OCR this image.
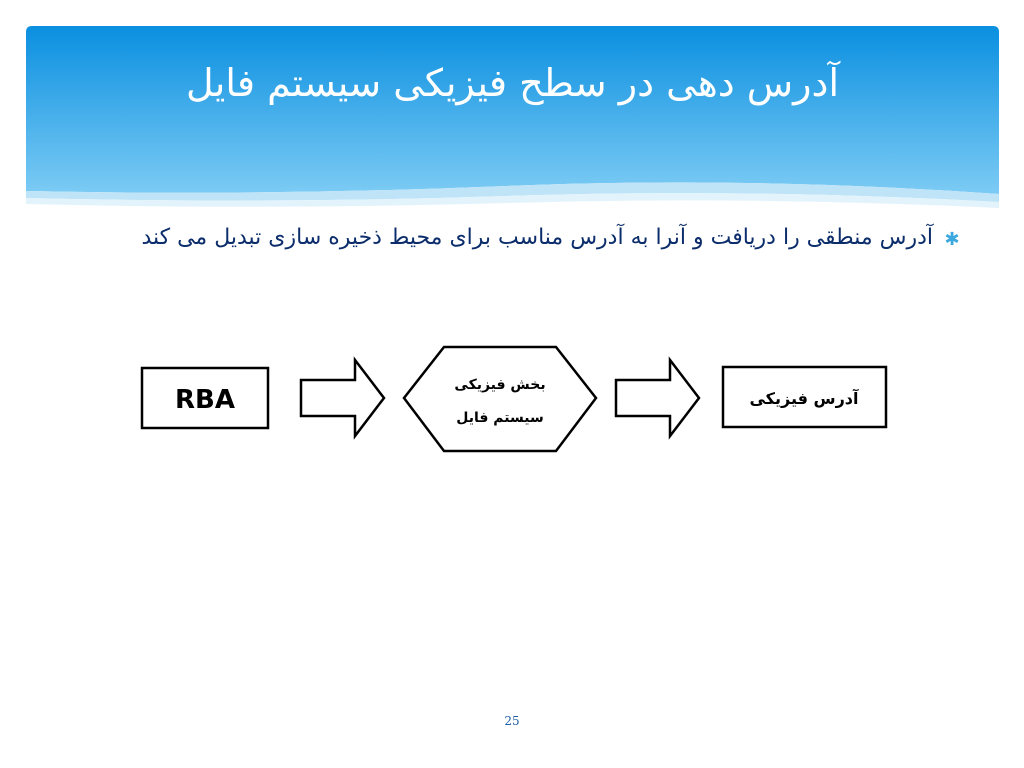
آدرس دهی در سطح فیزیکی سیستم فایل
✱
آدرس منطقی را دریافت و آنرا به آدرس مناسب برای محیط ذخیره سازی تبدیل می کند
RBA	بخش فیزیکی
سیستم فایل
آدرس فیزیکی
25
